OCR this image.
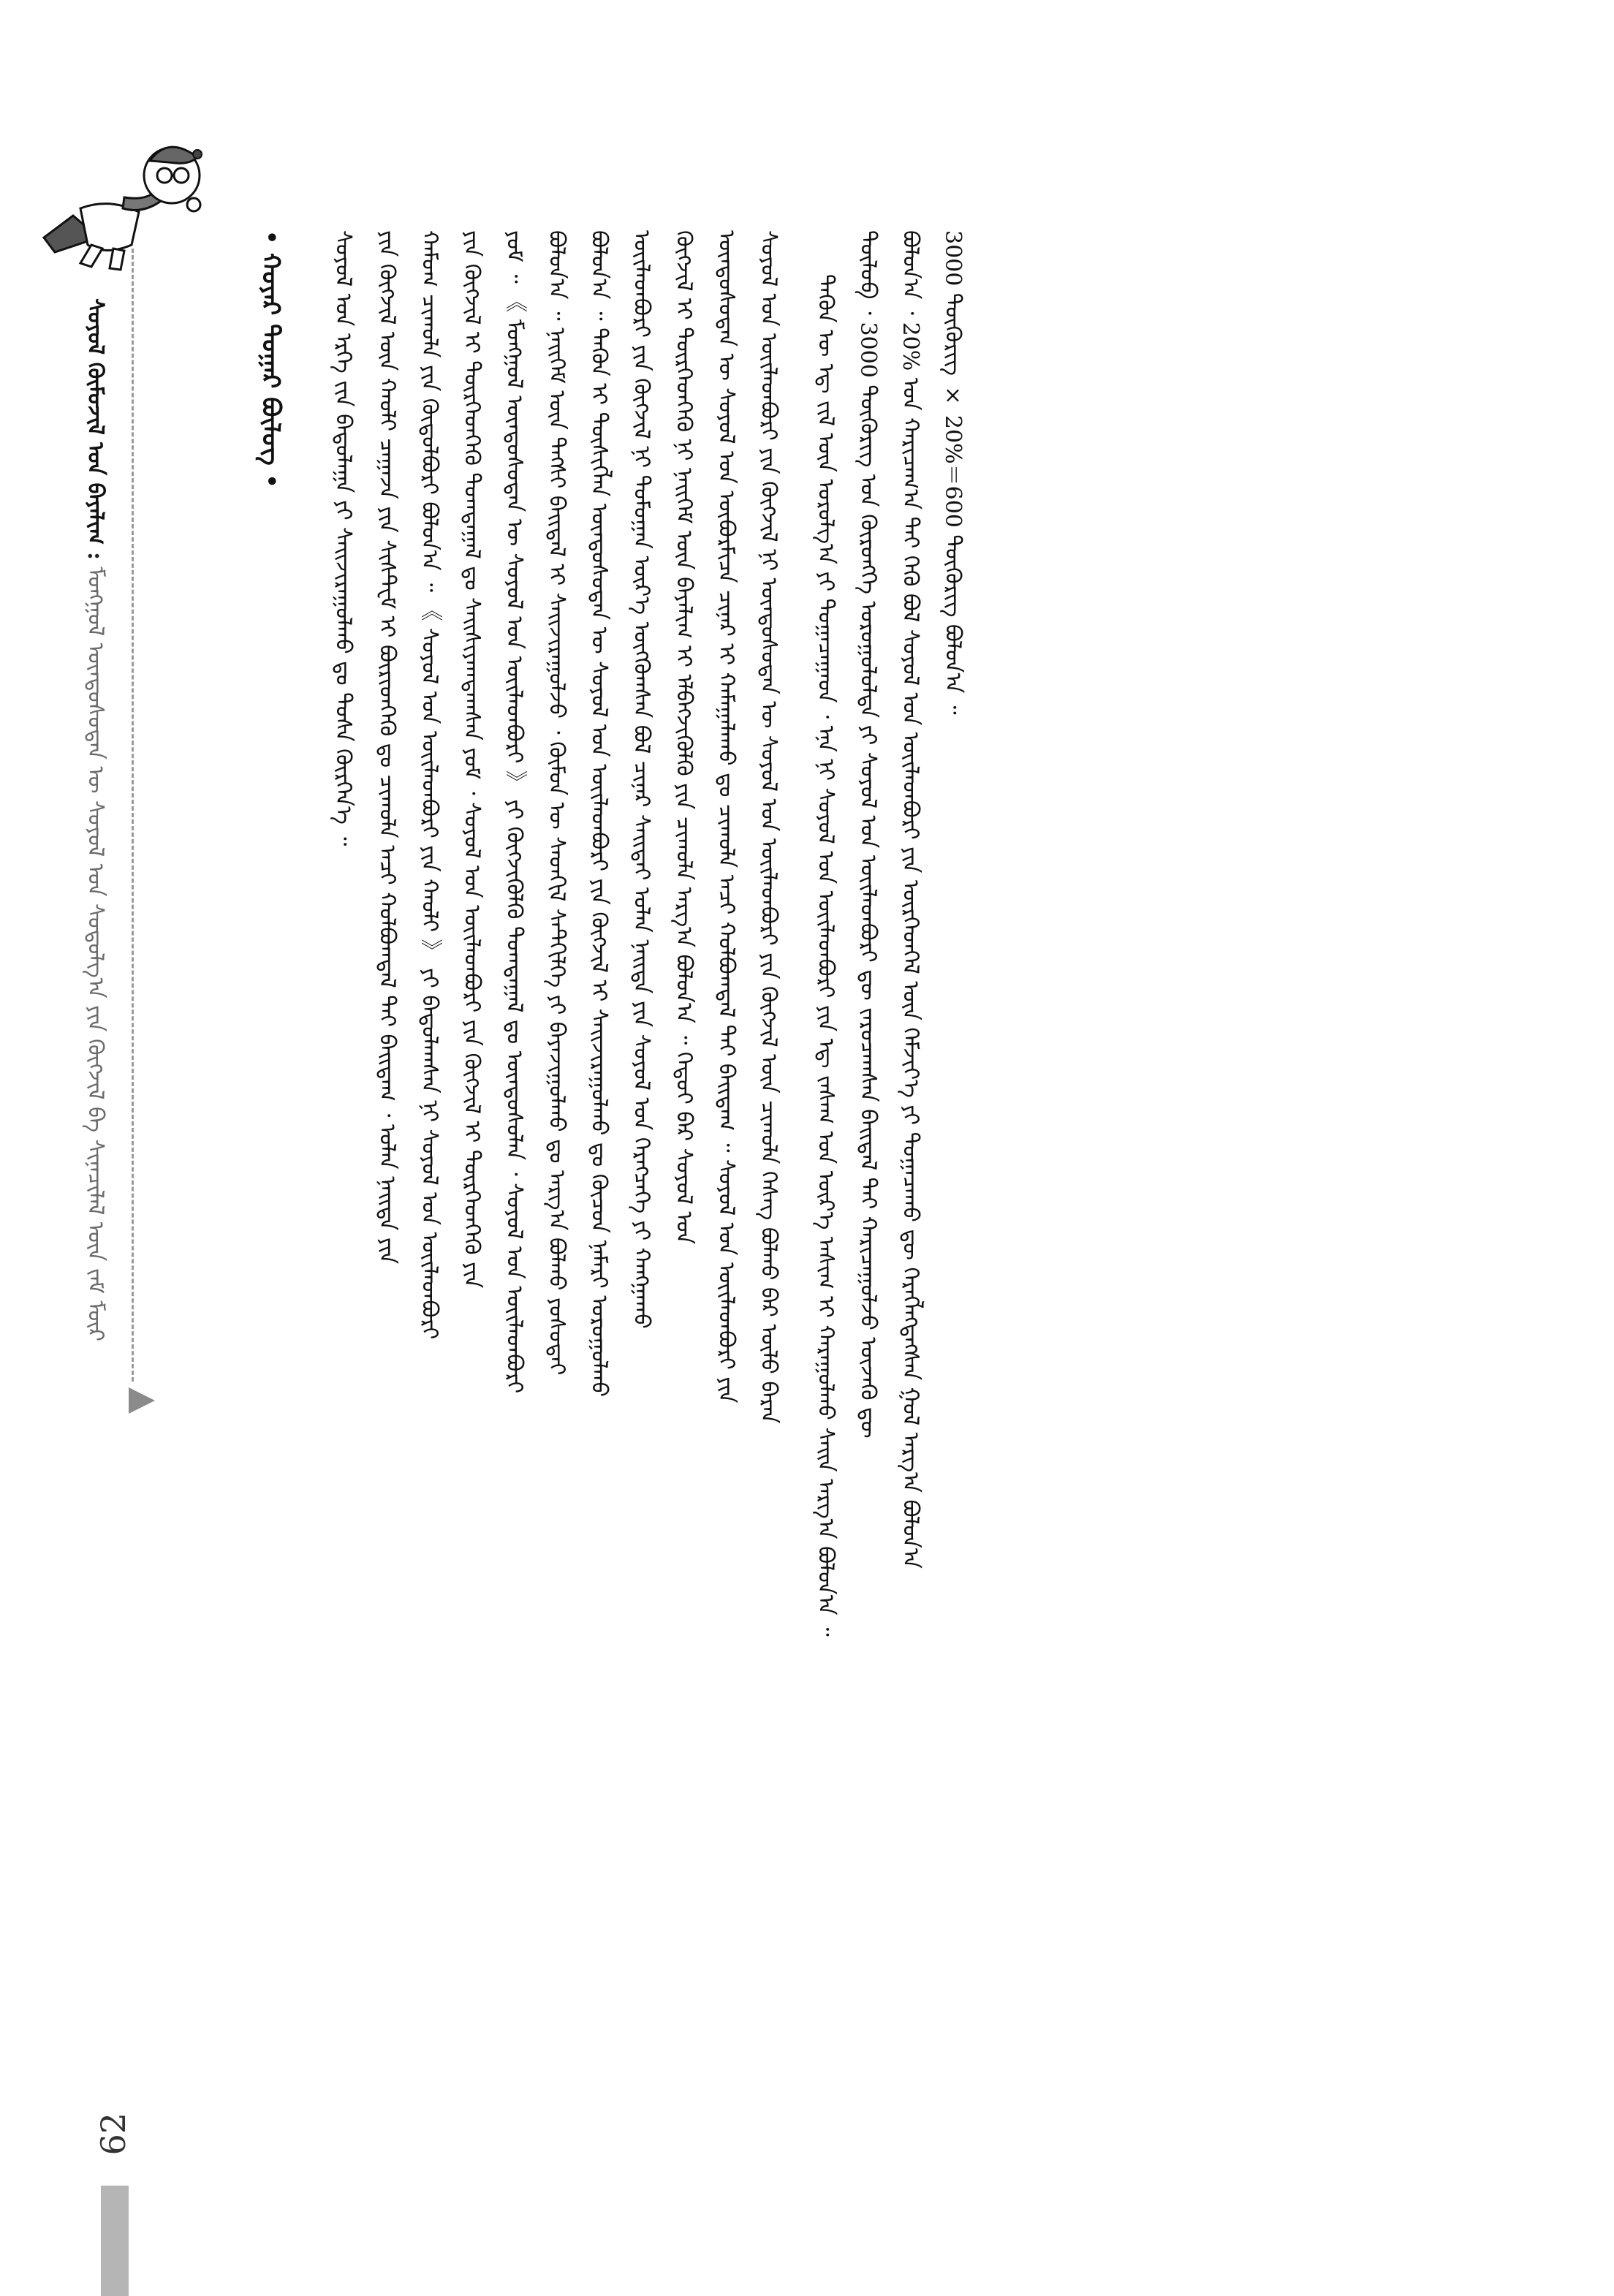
ᠰᠣᠶᠣᠯ ᠬᠦᠮᠦᠵᠢᠯ ᠤᠨ ᠪᠠᠶᠠᠯᠢᠭ : ᠮᠣᠩᠭᠣᠯ ᠦᠨᠳᠦᠰᠦᠲᠡᠨ ᠦ ᠰᠣᠶᠣᠯ ᠤᠨ ᠰᠤᠳᠤᠯᠭ᠎ᠠ ᠶᠢᠨ ᠬᠥᠭᠵᠢᠯ ᠪᠠ ᠰᠢᠨᠡᠴᠢᠯᠡᠯ ᠦᠨ ᠵᠠᠮ ᠮᠦᠷ
• ᠬᠣᠶᠠᠷ ᠳᠤᠭᠠᠷ ᠪᠦᠯᠦᠭ •	ᠰᠣᠶᠣᠯ ᠤᠨ ᠡᠷᠬᠡ ᠵᠢᠨ ᠪᠠᠲᠤᠯᠠᠭᠠ ᠶᠢ ᠰᠠᠢᠵᠢᠷᠠᠭᠤᠯᠬᠤ ᠳᠤ ᠲᠣᠰᠠ ᠬᠦᠷᠭᠡᠨ᠎ᠡ ᠃ ᠶᠢᠨ ᠬᠥᠭᠵᠢᠯ ᠦᠨ ᠬᠠᠤᠯᠢ ᠴᠠᠭᠠᠵᠠ ᠶᠢᠨ ᠰᠢᠰᠲᠸᠮ ᠢ ᠪᠦᠷᠢᠳᠬᠡᠬᠦ ᠳᠤ ᠴᠢᠬᠤᠯᠠ ᠠᠴᠢ ᠬᠣᠯᠪᠣᠭᠳᠠᠯ ᠲᠠᠢ ᠪᠠᠢᠳᠠᠭ ᠂ ᠣᠯᠠᠨ ᠨᠡᠢᠲᠡ ᠶᠢᠨ ᠬᠠᠮᠤᠭ ᠴᠢᠬᠤᠯᠠ ᠶᠢᠨ ᠬᠥᠲᠦᠯᠪᠦᠷᠢ ᠪᠣᠯᠤᠨ᠎ᠠ ᠃ 《 ᠰᠣᠶᠣᠯ ᠤᠨ ᠦᠢᠯᠡᠳᠪᠦᠷᠢ ᠶᠢᠨ ᠬᠠᠤᠯᠢ 》 ᠶᠢ ᠪᠠᠲᠤᠯᠠᠭᠰᠠᠨ ᠨᠢ ᠰᠣᠶᠣᠯ ᠤᠨ ᠦᠢᠯᠡᠳᠪᠦᠷᠢ ᠶᠢᠨ ᠬᠥᠭᠵᠢᠯ ᠢ ᠲᠦᠷᠭᠡᠳᠬᠡᠬᠦ ᠲᠣᠭᠲᠠᠭᠠᠯ ᠳᠤ ᠰᠠᠢᠰᠢᠶᠠᠭᠳᠠᠭᠰᠠᠨ ᠶᠤᠮ ᠂ ᠰᠣᠶᠣᠯ ᠤᠨ ᠦᠢᠯᠡᠳᠪᠦᠷᠢ ᠶᠢᠨ ᠬᠥᠭᠵᠢᠯ ᠢ ᠲᠦᠷᠭᠡᠳᠬᠡᠬᠦ ᠶᠢᠨ ᠶᠤᠮ ᠃ 《 ᠮᠣᠩᠭᠣᠯ ᠦᠨᠳᠦᠰᠦᠲᠡᠨ ᠦ ᠰᠣᠶᠣᠯ ᠤᠨ ᠦᠢᠯᠡᠳᠪᠦᠷᠢ 》 ᠶᠢ ᠬᠥᠭᠵᠢᠭᠦᠯᠬᠦ ᠲᠣᠭᠲᠠᠭᠠᠯ ᠳᠤ ᠦᠨᠳᠦᠰᠦᠯᠡᠨ ᠂ ᠰᠣᠶᠣᠯ ᠤᠨ ᠦᠢᠯᠡᠳᠪᠦᠷᠢ ᠪᠣᠯᠤᠨ᠎ᠠ ᠃ ᠨᠡᠢᠭᠡᠮ ᠦᠨ ᠲᠡᠭᠰᠢ ᠪᠠᠢᠳᠠᠯ ᠢ ᠰᠠᠢᠵᠢᠷᠠᠭᠤᠯᠵᠤ ᠂ ᠬᠦᠮᠦᠨ ᠦ ᠰᠡᠳᠬᠢᠯ ᠰᠡᠲᠬᠢᠯᠭᠡ ᠶᠢ ᠪᠠᠶᠠᠵᠢᠭᠤᠯᠬᠤ ᠳᠤ ᠠᠷᠭ᠎ᠠ ᠪᠣᠯᠬᠤ ᠶᠣᠰᠣᠲᠠᠢ ᠪᠣᠯᠤᠨ᠎ᠠ ᠃ ᠲᠡᠭᠦᠨ ᠢ ᠲᠦᠰᠢᠭᠯᠡᠨ ᠦᠨᠳᠦᠰᠦᠲᠡᠨ ᠦ ᠰᠣᠶᠣᠯ ᠤᠨ ᠦᠢᠯᠡᠳᠪᠦᠷᠢ ᠶᠢᠨ ᠬᠥᠭᠵᠢᠯ ᠢ ᠰᠠᠢᠵᠢᠷᠠᠭᠤᠯᠬᠤ ᠳᠤ ᠬᠦᠴᠦᠨ ᠨᠡᠮᠡᠷᠢ ᠣᠷᠣᠭᠤᠯᠬᠤ ᠦᠢᠯᠡᠳᠪᠦᠷᠢ ᠶᠢᠨ ᠬᠥᠭᠵᠢᠯ ᠨᠢ ᠲᠣᠮᠣᠭᠠᠨ ᠦᠷ᠎ᠡ ᠥᠭᠭᠦᠭ᠍ᠰᠡᠨ ᠪᠣᠯ ᠴᠢᠨᠠᠷ ᠰᠠᠢᠲᠠᠢ ᠣᠯᠠᠨ ᠨᠡᠢᠲᠡ ᠶᠢᠨ ᠰᠣᠶᠣᠯ ᠤᠨ ᠬᠡᠷᠡᠭᠴᠡᠭᠡ ᠶᠢ ᠬᠠᠩᠭᠠᠬᠤ ᠬᠥᠭᠵᠢᠯ ᠢ ᠲᠦᠷᠭᠡᠳᠬᠡᠬᠦ ᠨᠢ ᠨᠡᠢᠭᠡᠮ ᠦᠨ ᠪᠠᠶᠠᠯᠢᠭ ᠢ ᠡᠯᠪᠡᠭᠵᠢᠭᠦᠯᠬᠦ ᠶᠢᠨ ᠴᠢᠬᠤᠯᠠ ᠠᠷᠭ᠎ᠠ ᠪᠣᠯᠤᠨ᠎ᠠ ᠃ ᠬᠡᠳᠦᠢ ᠪᠡᠷ ᠰᠣᠶᠣᠯ ᠤᠨ ᠦᠨᠳᠦᠰᠦᠲᠡᠨ ᠦ ᠰᠣᠶᠣᠯ ᠤᠨ ᠥᠪᠦᠷᠮᠢᠴᠡ ᠴᠢᠨᠠᠷ ᠢ ᠬᠠᠮᠠᠭᠠᠯᠠᠬᠤ ᠳᠤ ᠴᠢᠬᠤᠯᠠ ᠠᠴᠢ ᠬᠣᠯᠪᠣᠭᠳᠠᠯ ᠲᠠᠢ ᠪᠠᠢᠳᠠᠭ ᠃ ᠰᠣᠶᠣᠯ ᠤᠨ ᠦᠢᠯᠡᠳᠪᠦᠷᠢ ᠶᠢᠨ ᠰᠣᠶᠣᠯ ᠤᠨ ᠦᠢᠯᠡᠳᠪᠦᠷᠢ ᠶᠢᠨ ᠬᠥᠭᠵᠢᠯ ᠨᠢ ᠦᠨᠳᠦᠰᠦᠲᠡᠨ ᠦ ᠰᠣᠶᠣᠯ ᠤᠨ ᠦᠢᠯᠡᠳᠪᠦᠷᠢ ᠶᠢᠨ ᠬᠥᠭᠵᠢᠯ ᠦᠨ ᠴᠢᠬᠤᠯᠠ ᠬᠡᠰᠡᠭ ᠪᠣᠯᠬᠤ ᠪᠡᠷ ᠦᠯᠦ ᠪᠠᠷᠠᠨ	ᠲᠡᠭᠦᠨ ᠦ ᠡᠳ᠋ ᠵᠢᠯ ᠦᠨ ᠣᠷᠤᠯᠭ᠎ᠠ ᠶᠢ ᠲᠣᠭᠠᠴᠠᠭᠠᠳ ᠂ ᠡᠨᠡ ᠨᠢ ᠰᠣᠶᠣᠯ ᠤᠨ ᠦᠢᠯᠡᠳᠪᠦᠷᠢ ᠶᠢᠨ ᠡᠳ᠋ ᠵᠠᠰᠠᠭ ᠤᠨ ᠦᠷ᠎ᠡ ᠠᠰᠢᠭ ᠢ ᠬᠠᠷᠠᠭᠤᠯᠬᠤ ᠰᠠᠢᠨ ᠠᠷᠭ᠎ᠠ ᠪᠣᠯᠤᠨ᠎ᠠ ᠃ ᠲᠥᠯᠦᠪ ᠂ 3000 ᠲᠥᠭᠦᠷᠢᠭ ᠤᠨ ᠬᠥᠷᠦᠩᠭᠡ ᠣᠷᠤᠭᠤᠯᠤᠯᠲᠠ ᠶᠢ ᠰᠣᠶᠣᠯ ᠤᠨ ᠦᠢᠯᠡᠳᠪᠦᠷᠢ ᠳᠦ ᠵᠠᠷᠤᠴᠠᠭᠰᠠᠨ ᠪᠠᠢᠳᠠᠯ ᠲᠠᠢ ᠬᠠᠷᠢᠴᠠᠭᠤᠯᠵᠤ ᠦᠵᠡᠬᠦ ᠳᠦ ᠪᠣᠯᠤᠨ᠎ᠠ ᠂ 20% ᠤᠨ ᠬᠠᠷᠢᠴᠠᠭ᠎ᠠ ᠲᠠᠢ ᠭᠡᠬᠦ ᠪᠣᠯ ᠰᠣᠶᠣᠯ ᠤᠨ ᠦᠢᠯᠡᠳᠪᠦᠷᠢ ᠶᠢᠨ ᠥᠷᠭᠡᠳᠬᠡᠯ ᠦᠨ ᠬᠡᠮᠵᠢᠶ᠎ᠡ ᠶᠢ ᠲᠣᠭᠠᠴᠠᠬᠤ ᠳᠦ ᠬᠡᠷᠡᠭᠯᠡᠭᠳᠡᠭᠰᠡᠨ ᠭᠣᠯ ᠠᠷᠭ᠎ᠠ ᠪᠣᠯᠤᠨ᠎ᠠ 3000 ᠲᠥᠭᠦᠷᠢᠭ × 20%＝600 ᠲᠥᠭᠦᠷᠢᠭ ᠪᠣᠯᠤᠨ᠎ᠠ ᠃
62
